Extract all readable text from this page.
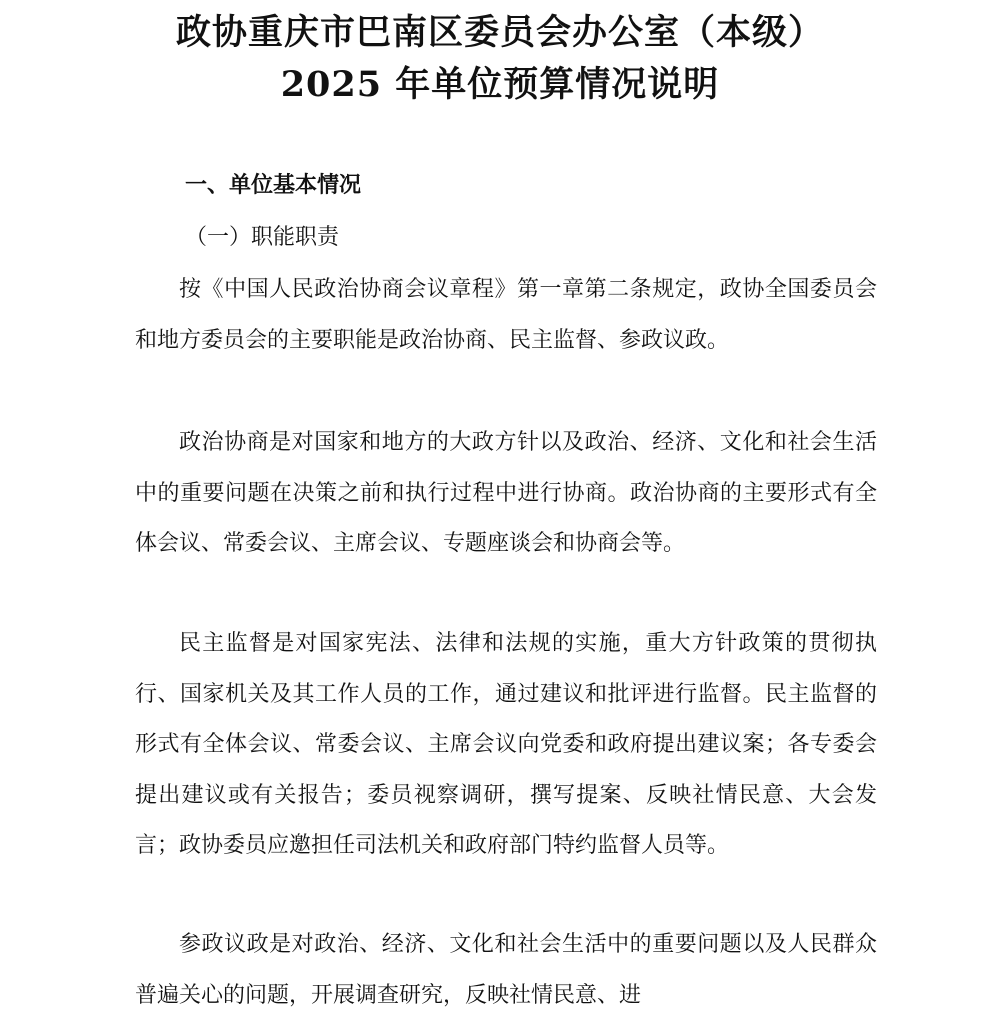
政协重庆市巴南区委员会办公室（本级）
2025 年单位预算情况说明
一、单位基本情况
（一）职能职责

按《中国人民政治协商会议章程》第一章第二条规定，政协全国委员会和地方委员会的主要职能是政治协商、民主监督、参政议政。

政治协商是对国家和地方的大政方针以及政治、经济、文化和社会生活中的重要问题在决策之前和执行过程中进行协商。政治协商的主要形式有全体会议、常委会议、主席会议、专题座谈会和协商会等。

民主监督是对国家宪法、法律和法规的实施，重大方针政策的贯彻执行、国家机关及其工作人员的工作，通过建议和批评进行监督。民主监督的形式有全体会议、常委会议、主席会议向党委和政府提出建议案；各专委会提出建议或有关报告；委员视察调研，撰写提案、反映社情民意、大会发言；政协委员应邀担任司法机关和政府部门特约监督人员等。

参政议政是对政治、经济、文化和社会生活中的重要问题以及人民群众普遍关心的问题，开展调查研究，反映社情民意、进
